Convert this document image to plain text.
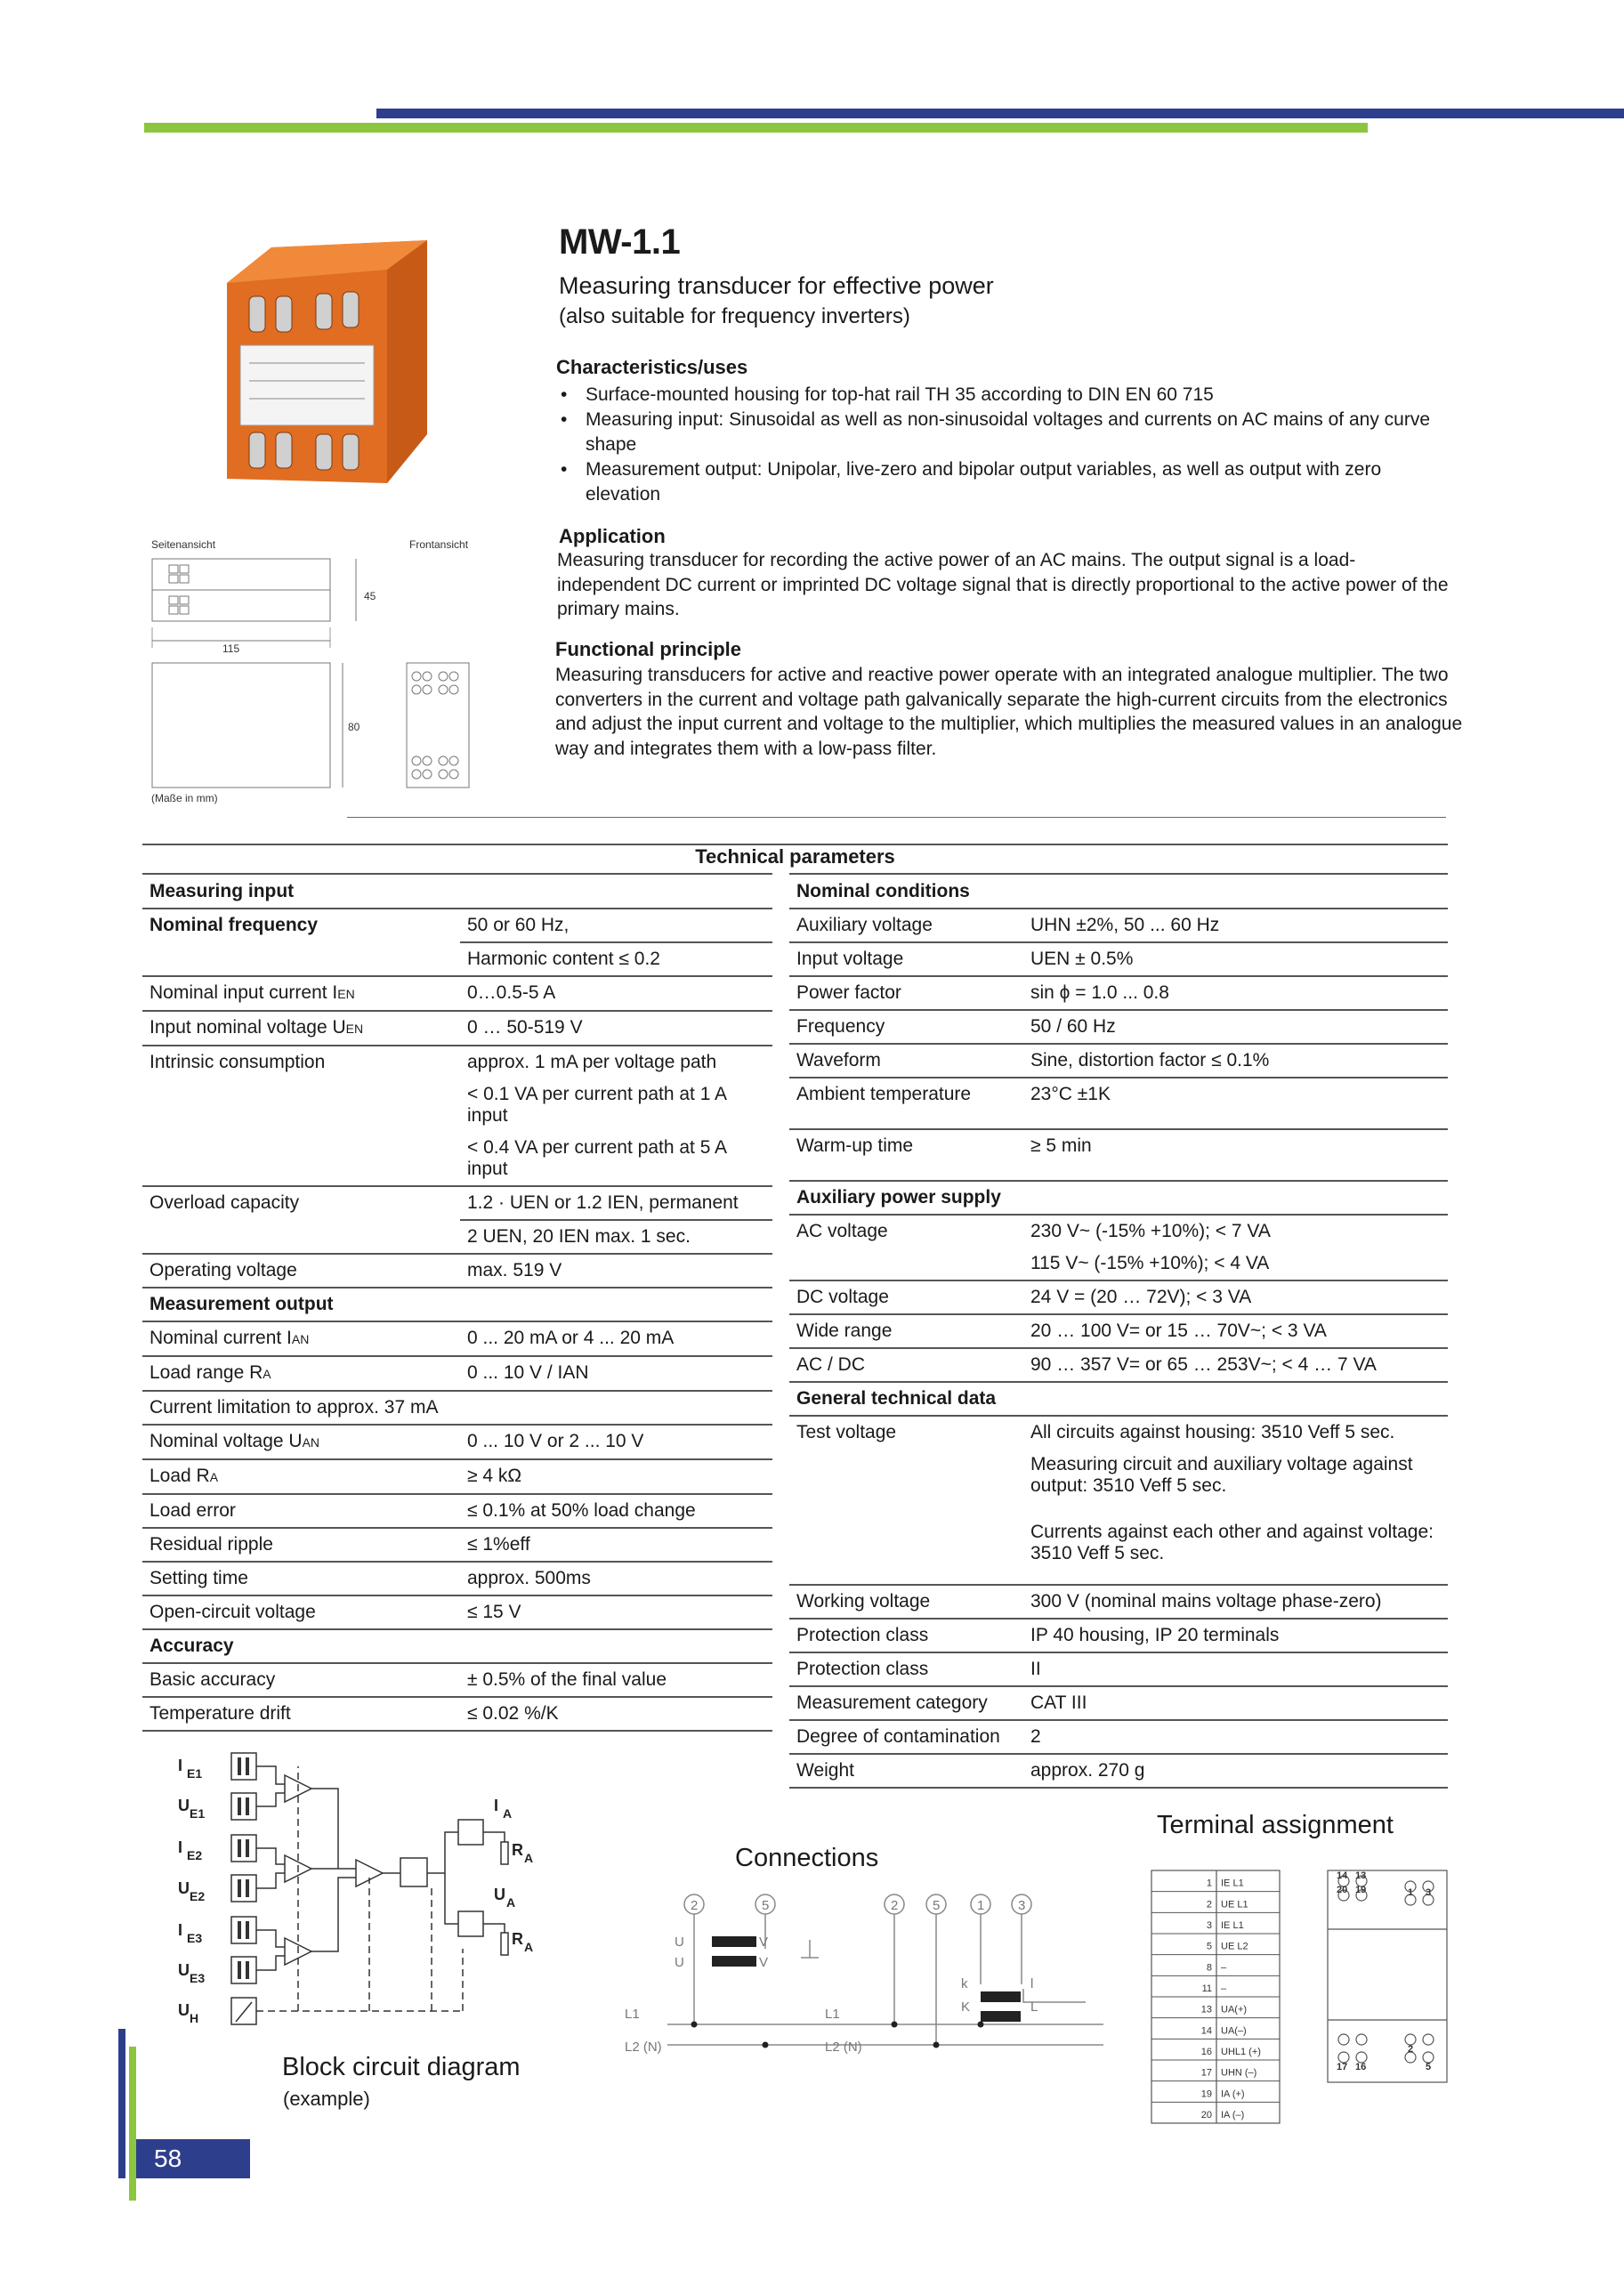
MW-1.1
Measuring transducer for effective power
(also suitable for frequency inverters)
Characteristics/uses
• Surface-mounted housing for top-hat rail TH 35 according to DIN EN 60 715
• Measuring input: Sinusoidal as well as non-sinusoidal voltages and currents on AC mains of any curve shape
• Measurement output: Unipolar, live-zero and bipolar output variables, as well as output with zero elevation
Application
Measuring transducer for recording the active power of an AC mains. The output signal is a load-independent DC current or imprinted DC voltage signal that is directly proportional to the active power of the primary mains.
Functional principle
Measuring transducers for active and reactive power operate with an integrated analogue multiplier. The two converters in the current and voltage path galvanically separate the high-current circuits from the electronics and adjust the input current and voltage to the multiplier, which multiplies the measured values in an analogue way and integrates them with a low-pass filter.
Seitenansicht	Frontansicht
45
115
80
(Maße in mm)
Technical parameters
Measuring input	
Nominal frequency	50 or 60 Hz,
	Harmonic content ≤ 0.2
Nominal input current IEN	0…0.5-5 A
Input nominal voltage UEN	0 … 50-519 V
Intrinsic consumption	approx. 1 mA per voltage path
	< 0.1 VA per current path at 1 A input
	< 0.4 VA per current path at 5 A input
Overload capacity	1.2 · UEN or 1.2 IEN, permanent
	2 UEN, 20 IEN max. 1 sec.
Operating voltage	max. 519 V
Measurement output	
Nominal current IAN	0 ... 20 mA or 4 ... 20 mA
Load range RA	0 ... 10 V / IAN
Current limitation to approx. 37 mA	
Nominal voltage UAN	0 ... 10 V or 2 ... 10 V
Load RA	≥ 4 kΩ
Load error	≤ 0.1% at 50% load change
Residual ripple	≤ 1%eff
Setting time	approx. 500ms
Open-circuit voltage	≤ 15 V
Accuracy	
Basic accuracy	± 0.5% of the final value
Temperature drift	≤ 0.02 %/K
Nominal conditions	
Auxiliary voltage	UHN ±2%, 50 ... 60 Hz
Input voltage	UEN ± 0.5%
Power factor	sin ϕ = 1.0 ... 0.8
Frequency	50 / 60 Hz
Waveform	Sine, distortion factor ≤ 0.1%
Ambient temperature	23°C ±1K
Warm-up time	≥ 5 min
Auxiliary power supply	
AC voltage	230 V~ (-15% +10%); < 7 VA
	115 V~ (-15% +10%); < 4 VA
DC voltage	24 V = (20 … 72V); < 3 VA
Wide range	20 … 100 V= or 15 … 70V~; < 3 VA
AC / DC	90 … 357 V= or 65 … 253V~; < 4 … 7 VA
General technical data	
Test voltage	All circuits against housing: 3510 Veff 5 sec.
	Measuring circuit and auxiliary voltage against output: 3510 Veff 5 sec.
	Currents against each other and against voltage: 3510 Veff 5 sec.
Working voltage	300 V (nominal mains voltage phase-zero)
Protection class	IP 40 housing, IP 20 terminals
Protection class	II
Measurement category	CAT III
Degree of contamination	2
Weight	approx. 270 g
I E1
U E1
I E2
U E2
I E3
U E3
U H
I A
R A
U A
R A
Block circuit diagram
(example)
Connections
2	5	2	5	1	3
L1
L2 (N)
L1
L2 (N)
U
U
V
V
k	l
K	L
Terminal assignment
1 IE L1
2 UE L1
3 IE L1
5 UE L2
8 –
11 –
13 UA(+)
14 UA(–)
16 UHL1 (+)
17 UHN (–)
19 IA (+)
20 IA (–)
14 13
20 19	1 3
17 16
2
5
58
